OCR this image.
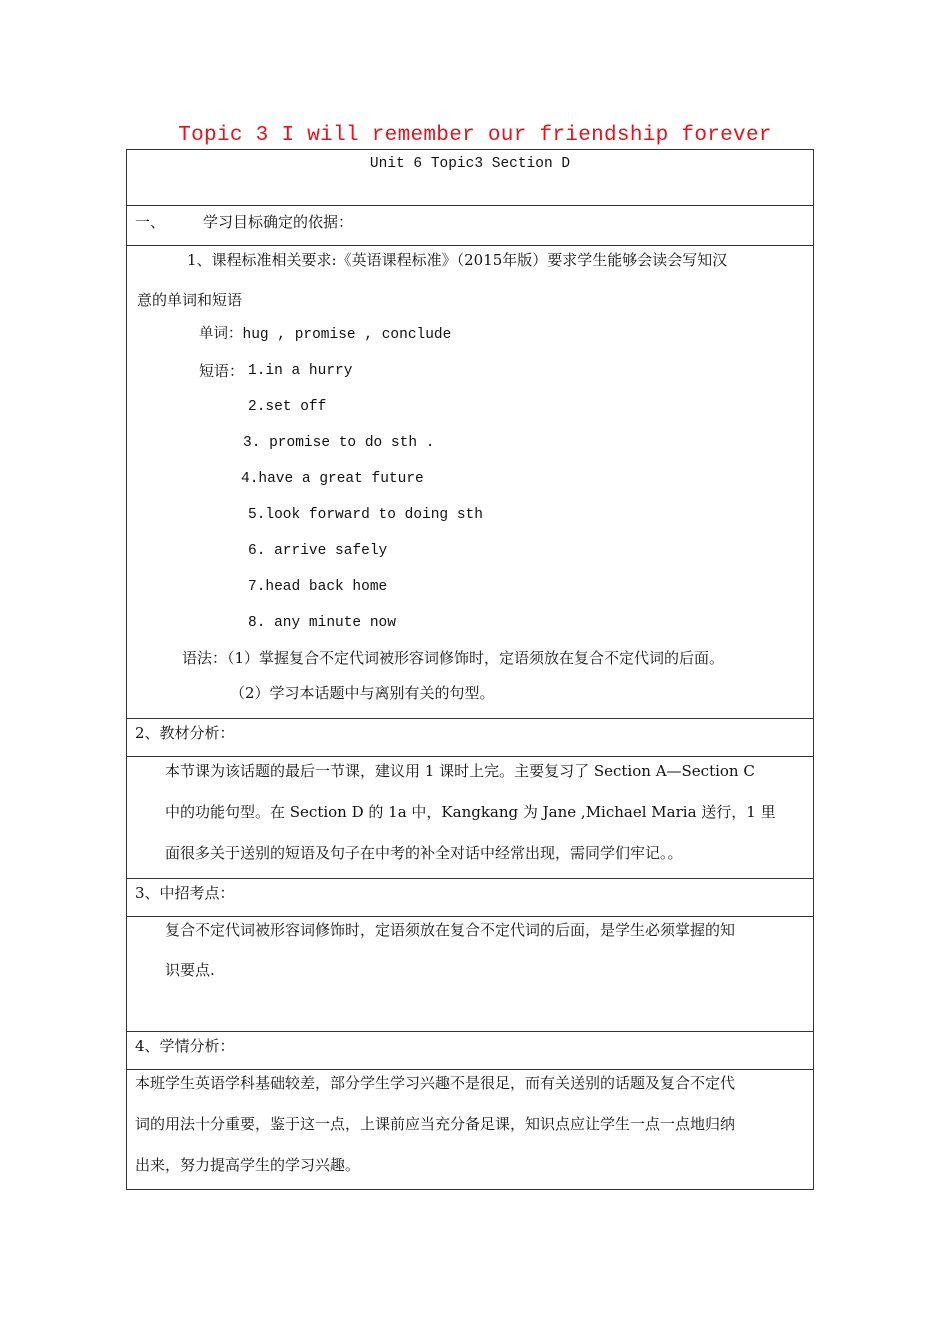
Topic 3 I will remember our friendship forever
Unit 6 Topic3 Section D
一、	学习目标确定的依据：
1、课程标准相关要求:《英语课程标准》（2015年版）要求学生能够会读会写知汉
意的单词和短语
单词：hug , promise , conclude
短语： 1.in a hurry
2.set off
3. promise to do sth .
4.have a great future
5.look forward to doing sth
6. arrive safely
7.head back home
8. any minute now
语法：（1）掌握复合不定代词被形容词修饰时，定语须放在复合不定代词的后面。
（2）学习本话题中与离别有关的句型。
2、教材分析：
本节课为该话题的最后一节课，建议用 1 课时上完。主要复习了 Section A—Section C
中的功能句型。在 Section D 的 1a 中，Kangkang 为 Jane ,Michael Maria 送行，1 里
面很多关于送别的短语及句子在中考的补全对话中经常出现，需同学们牢记。。
3、中招考点：
复合不定代词被形容词修饰时，定语须放在复合不定代词的后面，是学生必须掌握的知
识要点.
4、学情分析：
本班学生英语学科基础较差，部分学生学习兴趣不是很足，而有关送别的话题及复合不定代
词的用法十分重要，鉴于这一点，上课前应当充分备足课，知识点应让学生一点一点地归纳
出来，努力提高学生的学习兴趣。
